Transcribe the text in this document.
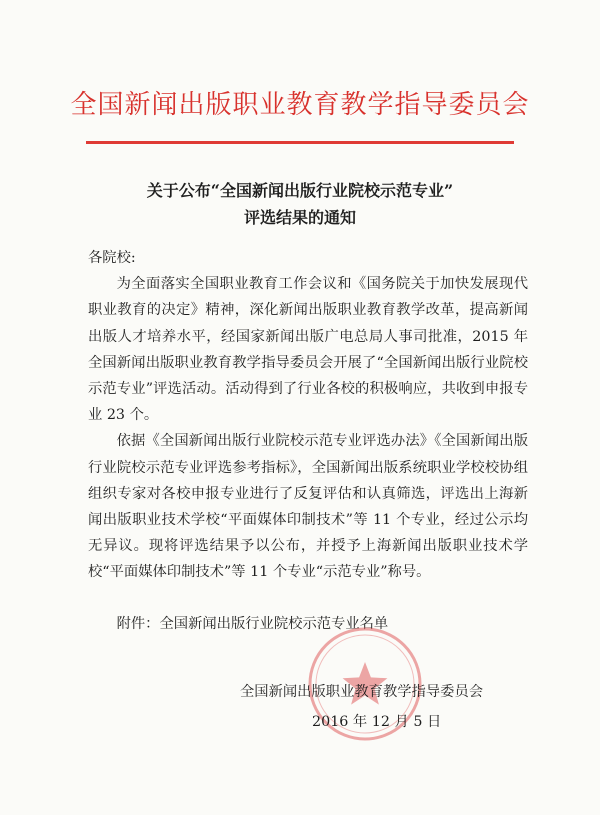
全国新闻出版职业教育教学指导委员会
关于公布“全国新闻出版行业院校示范专业”
评选结果的通知

各院校:

为全面落实全国职业教育工作会议和《国务院关于加快发展现代职业教育的决定》精神，深化新闻出版职业教育教学改革，提高新闻出版人才培养水平，经国家新闻出版广电总局人事司批准，2015 年全国新闻出版职业教育教学指导委员会开展了“全国新闻出版行业院校示范专业”评选活动。活动得到了行业各校的积极响应，共收到申报专业 23 个。

依据《全国新闻出版行业院校示范专业评选办法》《全国新闻出版行业院校示范专业评选参考指标》，全国新闻出版系统职业学校校协组组织专家对各校申报专业进行了反复评估和认真筛选，评选出上海新闻出版职业技术学校“平面媒体印制技术”等 11 个专业，经过公示均无异议。现将评选结果予以公布，并授予上海新闻出版职业技术学校“平面媒体印制技术”等 11 个专业“示范专业”称号。

附件：全国新闻出版行业院校示范专业名单

全国新闻出版职业教育教学指导委员会
2016 年 12 月 5 日
